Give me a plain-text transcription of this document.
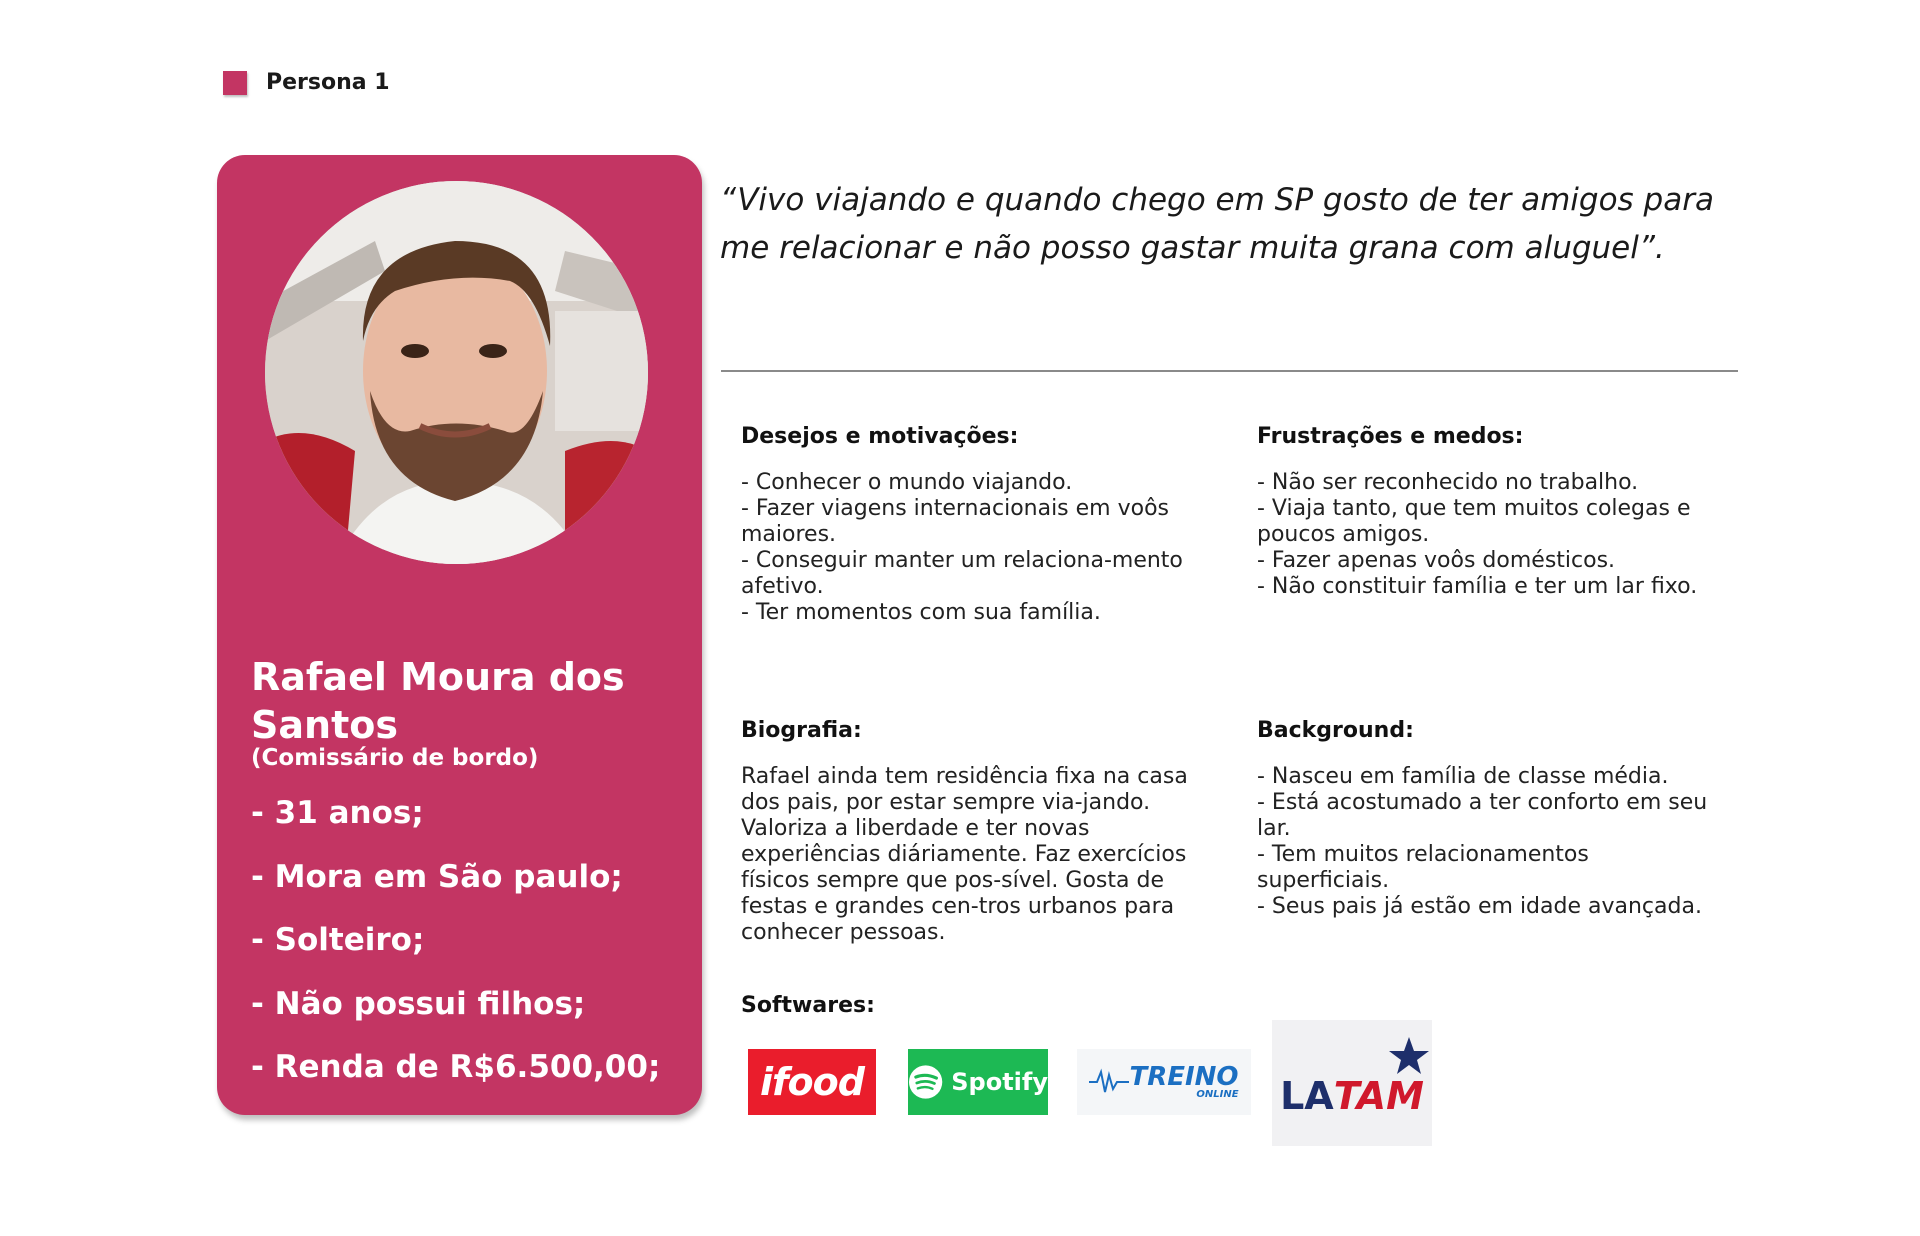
Persona 1
Rafael Moura dos Santos
(Comissário de bordo)
- 31 anos;
- Mora em São paulo;
- Solteiro;
- Não possui filhos;
- Renda de R$6.500,00;
“Vivo viajando e quando chego em SP gosto de ter amigos para me relacionar e não posso gastar muita grana com aluguel”.
Desejos e motivações:

- Conhecer o mundo viajando.
- Fazer viagens internacionais em voôs maiores.
- Conseguir manter um relaciona-mento afetivo.
- Ter momentos com sua família.

Frustrações e medos:

- Não ser reconhecido no trabalho.
- Viaja tanto, que tem muitos colegas e poucos amigos.
- Fazer apenas voôs domésticos.
- Não constituir família e ter um lar fixo.

Biografia:

Rafael ainda tem residência fixa na casa dos pais, por estar sempre via-jando. Valoriza a liberdade e ter novas experiências diáriamente. Faz exercícios físicos sempre que pos-sível. Gosta de festas e grandes cen-tros urbanos para conhecer pessoas.

Background:

- Nasceu em família de classe média.
- Está acostumado a ter conforto em seu lar.
- Tem muitos relacionamentos superficiais.
- Seus pais já estão em idade avançada.

Softwares:
ifood	Spotify	TREINO
ONLINE LATAM
